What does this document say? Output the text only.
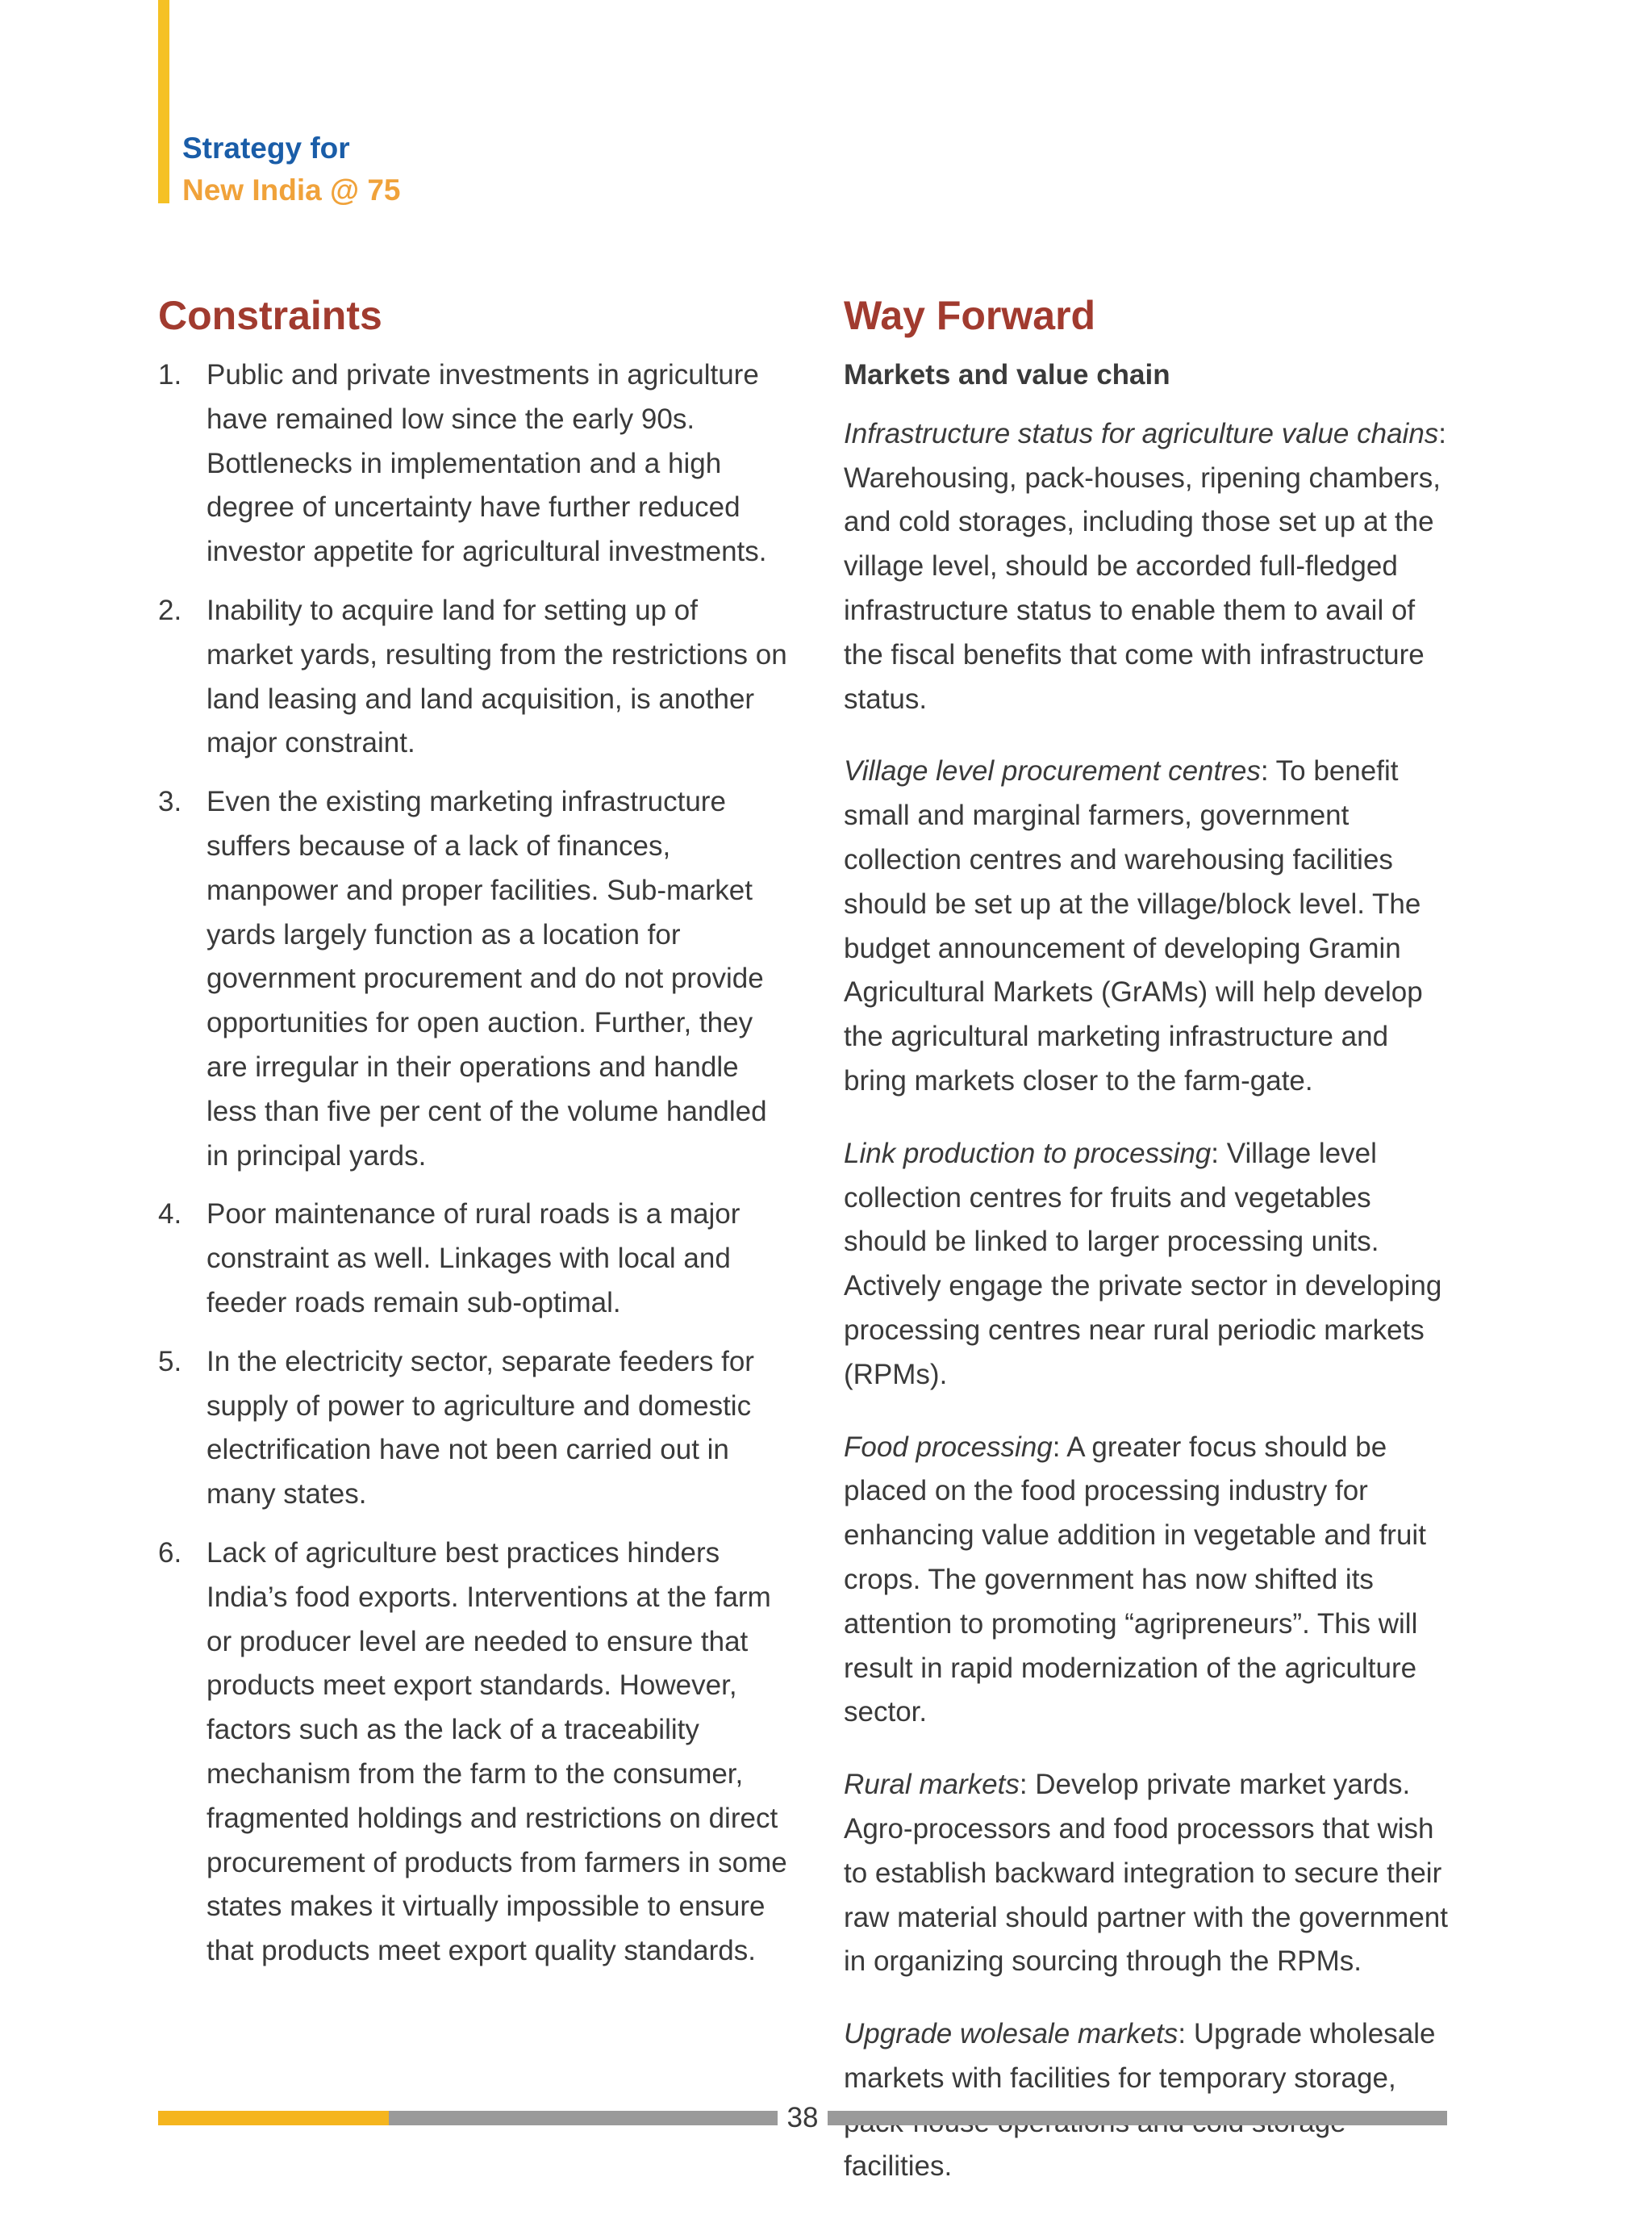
Strategy for
New India @ 75
Constraints
1. Public and private investments in agriculture have remained low since the early 90s. Bottlenecks in implementation and a high degree of uncertainty have further reduced investor appetite for agricultural investments.
2. Inability to acquire land for setting up of market yards, resulting from the restrictions on land leasing and land acquisition, is another major constraint.
3. Even the existing marketing infrastructure suffers because of a lack of finances, manpower and proper facilities. Sub-market yards largely function as a location for government procurement and do not provide opportunities for open auction. Further, they are irregular in their operations and handle less than five per cent of the volume handled in principal yards.
4. Poor maintenance of rural roads is a major constraint as well. Linkages with local and feeder roads remain sub-optimal.
5. In the electricity sector, separate feeders for supply of power to agriculture and domestic electrification have not been carried out in many states.
6. Lack of agriculture best practices hinders India’s food exports. Interventions at the farm or producer level are needed to ensure that products meet export standards. However, factors such as the lack of a traceability mechanism from the farm to the consumer, fragmented holdings and restrictions on direct procurement of products from farmers in some states makes it virtually impossible to ensure that products meet export quality standards.
Way Forward
Markets and value chain

Infrastructure status for agriculture value chains: Warehousing, pack-houses, ripening chambers, and cold storages, including those set up at the village level, should be accorded full-fledged infrastructure status to enable them to avail of the fiscal benefits that come with infrastructure status.

Village level procurement centres: To benefit small and marginal farmers, government collection centres and warehousing facilities should be set up at the village/block level. The budget announcement of developing Gramin Agricultural Markets (GrAMs) will help develop the agricultural marketing infrastructure and bring markets closer to the farm-gate.

Link production to processing: Village level collection centres for fruits and vegetables should be linked to larger processing units. Actively engage the private sector in developing processing centres near rural periodic markets (RPMs).

Food processing: A greater focus should be placed on the food processing industry for enhancing value addition in vegetable and fruit crops. The government has now shifted its attention to promoting “agripreneurs”. This will result in rapid modernization of the agriculture sector.

Rural markets: Develop private market yards. Agro-processors and food processors that wish to establish backward integration to secure their raw material should partner with the government in organizing sourcing through the RPMs.

Upgrade wolesale markets: Upgrade wholesale markets with facilities for temporary storage, facilities.

38
